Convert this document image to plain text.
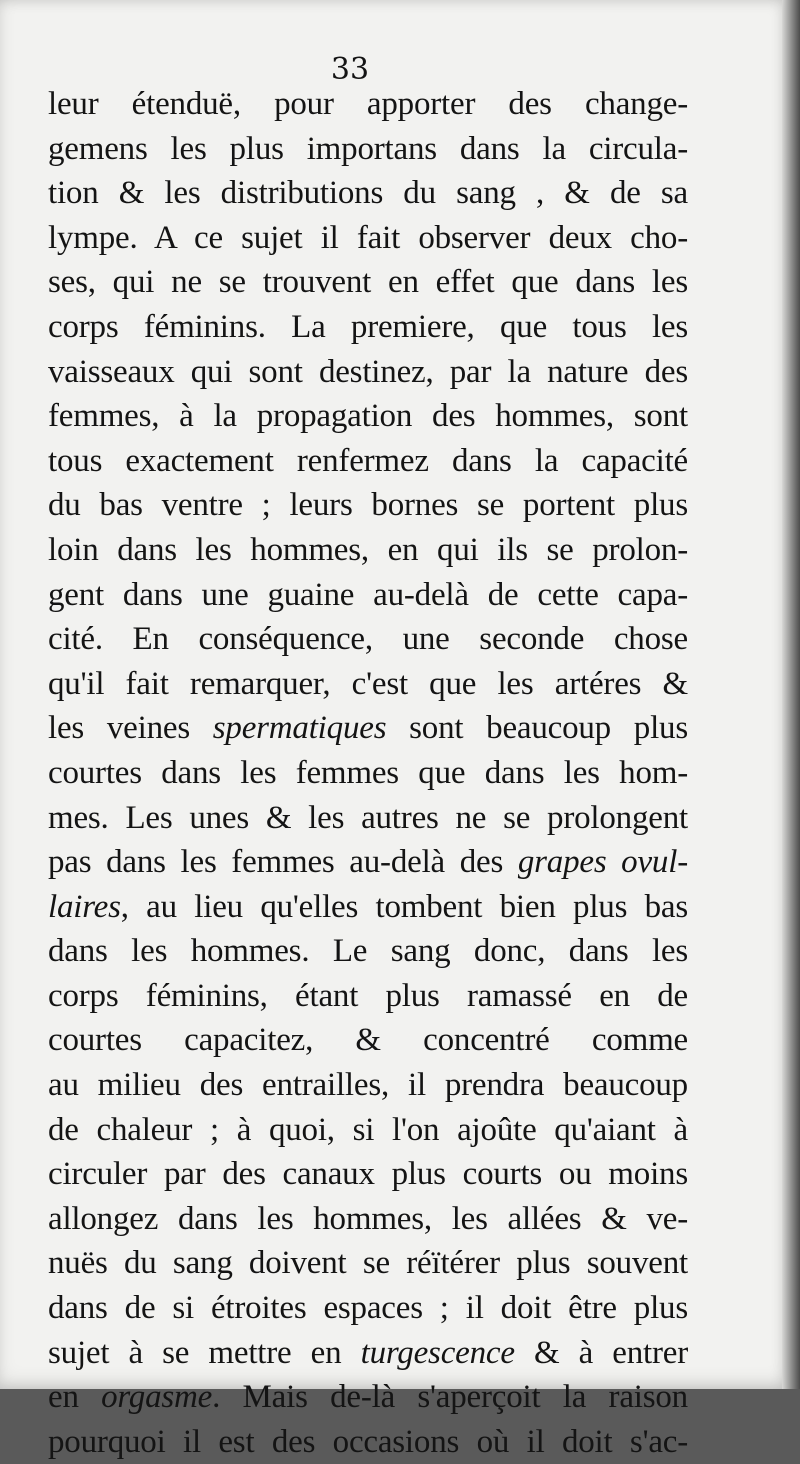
33
leur étenduë, pour apporter des change-
gemens les plus importans dans la circula-
tion & les distributions du sang , & de sa
lympe. A ce sujet il fait observer deux cho-
ses, qui ne se trouvent en effet que dans les
corps féminins. La premiere, que tous les
vaisseaux qui sont destinez, par la nature des
femmes, à la propagation des hommes, sont
tous exactement renfermez dans la capacité
du bas ventre ; leurs bornes se portent plus
loin dans les hommes, en qui ils se prolon-
gent dans une guaine au-delà de cette capa-
cité. En conséquence, une seconde chose
qu'il fait remarquer, c'est que les artéres &
les veines spermatiques sont beaucoup plus
courtes dans les femmes que dans les hom-
mes. Les unes & les autres ne se prolongent
pas dans les femmes au-delà des grapes ovul-
laires, au lieu qu'elles tombent bien plus bas
dans les hommes. Le sang donc, dans les
corps féminins, étant plus ramassé en de
courtes capacitez, & concentré comme
au milieu des entrailles, il prendra beaucoup
de chaleur ; à quoi, si l'on ajoûte qu'aiant à
circuler par des canaux plus courts ou moins
allongez dans les hommes, les allées & ve-
nuës du sang doivent se réïtérer plus souvent
dans de si étroites espaces ; il doit être plus
sujet à se mettre en turgescence & à entrer
en orgasme. Mais de-là s'aperçoit la raison
pourquoi il est des occasions où il doit s'ac-
